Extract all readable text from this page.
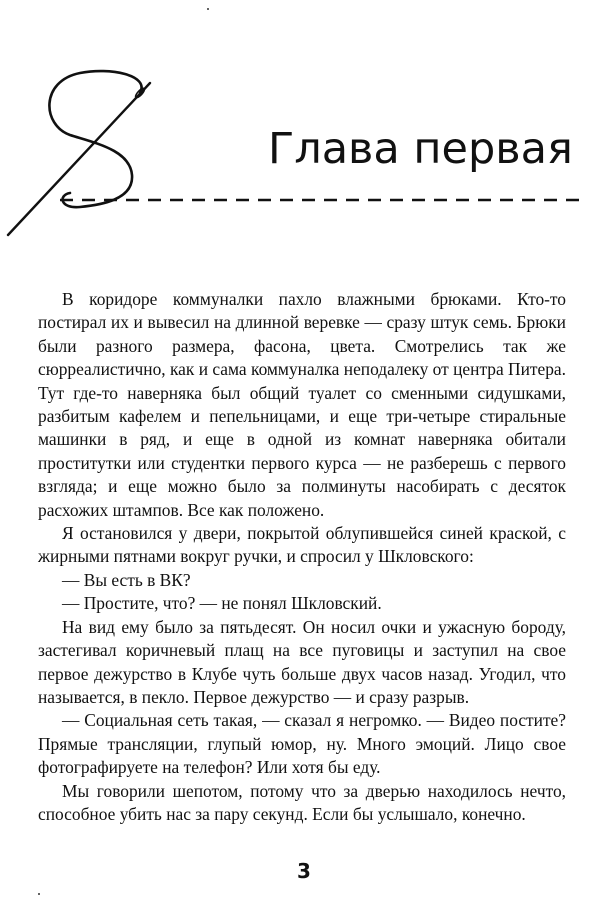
Глава первая

В коридоре коммуналки пахло влажными брюками. Кто-то постирал их и вывесил на длинной веревке — сразу штук семь. Брюки были разного размера, фасона, цвета. Смотрелись так же сюрреалистично, как и сама коммуналка неподалеку от центра Питера. Тут где-то наверняка был общий туалет со сменными сидушками, разбитым кафелем и пепельницами, и еще три-четыре стиральные машинки в ряд, и еще в одной из комнат наверняка обитали проститутки или студентки первого курса — не разберешь с первого взгляда; и еще можно было за полминуты насобирать с десяток расхожих штампов. Все как положено.

Я остановился у двери, покрытой облупившейся синей краской, с жирными пятнами вокруг ручки, и спросил у Шкловского:

— Вы есть в ВК?

— Простите, что? — не понял Шкловский.

На вид ему было за пятьдесят. Он носил очки и ужасную бороду, застегивал коричневый плащ на все пуговицы и заступил на свое первое дежурство в Клубе чуть больше двух часов назад. Угодил, что называется, в пекло. Первое дежурство — и сразу разрыв.

— Социальная сеть такая, — сказал я негромко. — Видео постите? Прямые трансляции, глупый юмор, ну. Много эмоций. Лицо свое фотографируете на телефон? Или хотя бы еду.

Мы говорили шепотом, потому что за дверью находилось нечто, способное убить нас за пару секунд. Если бы услышало, конечно.

3
